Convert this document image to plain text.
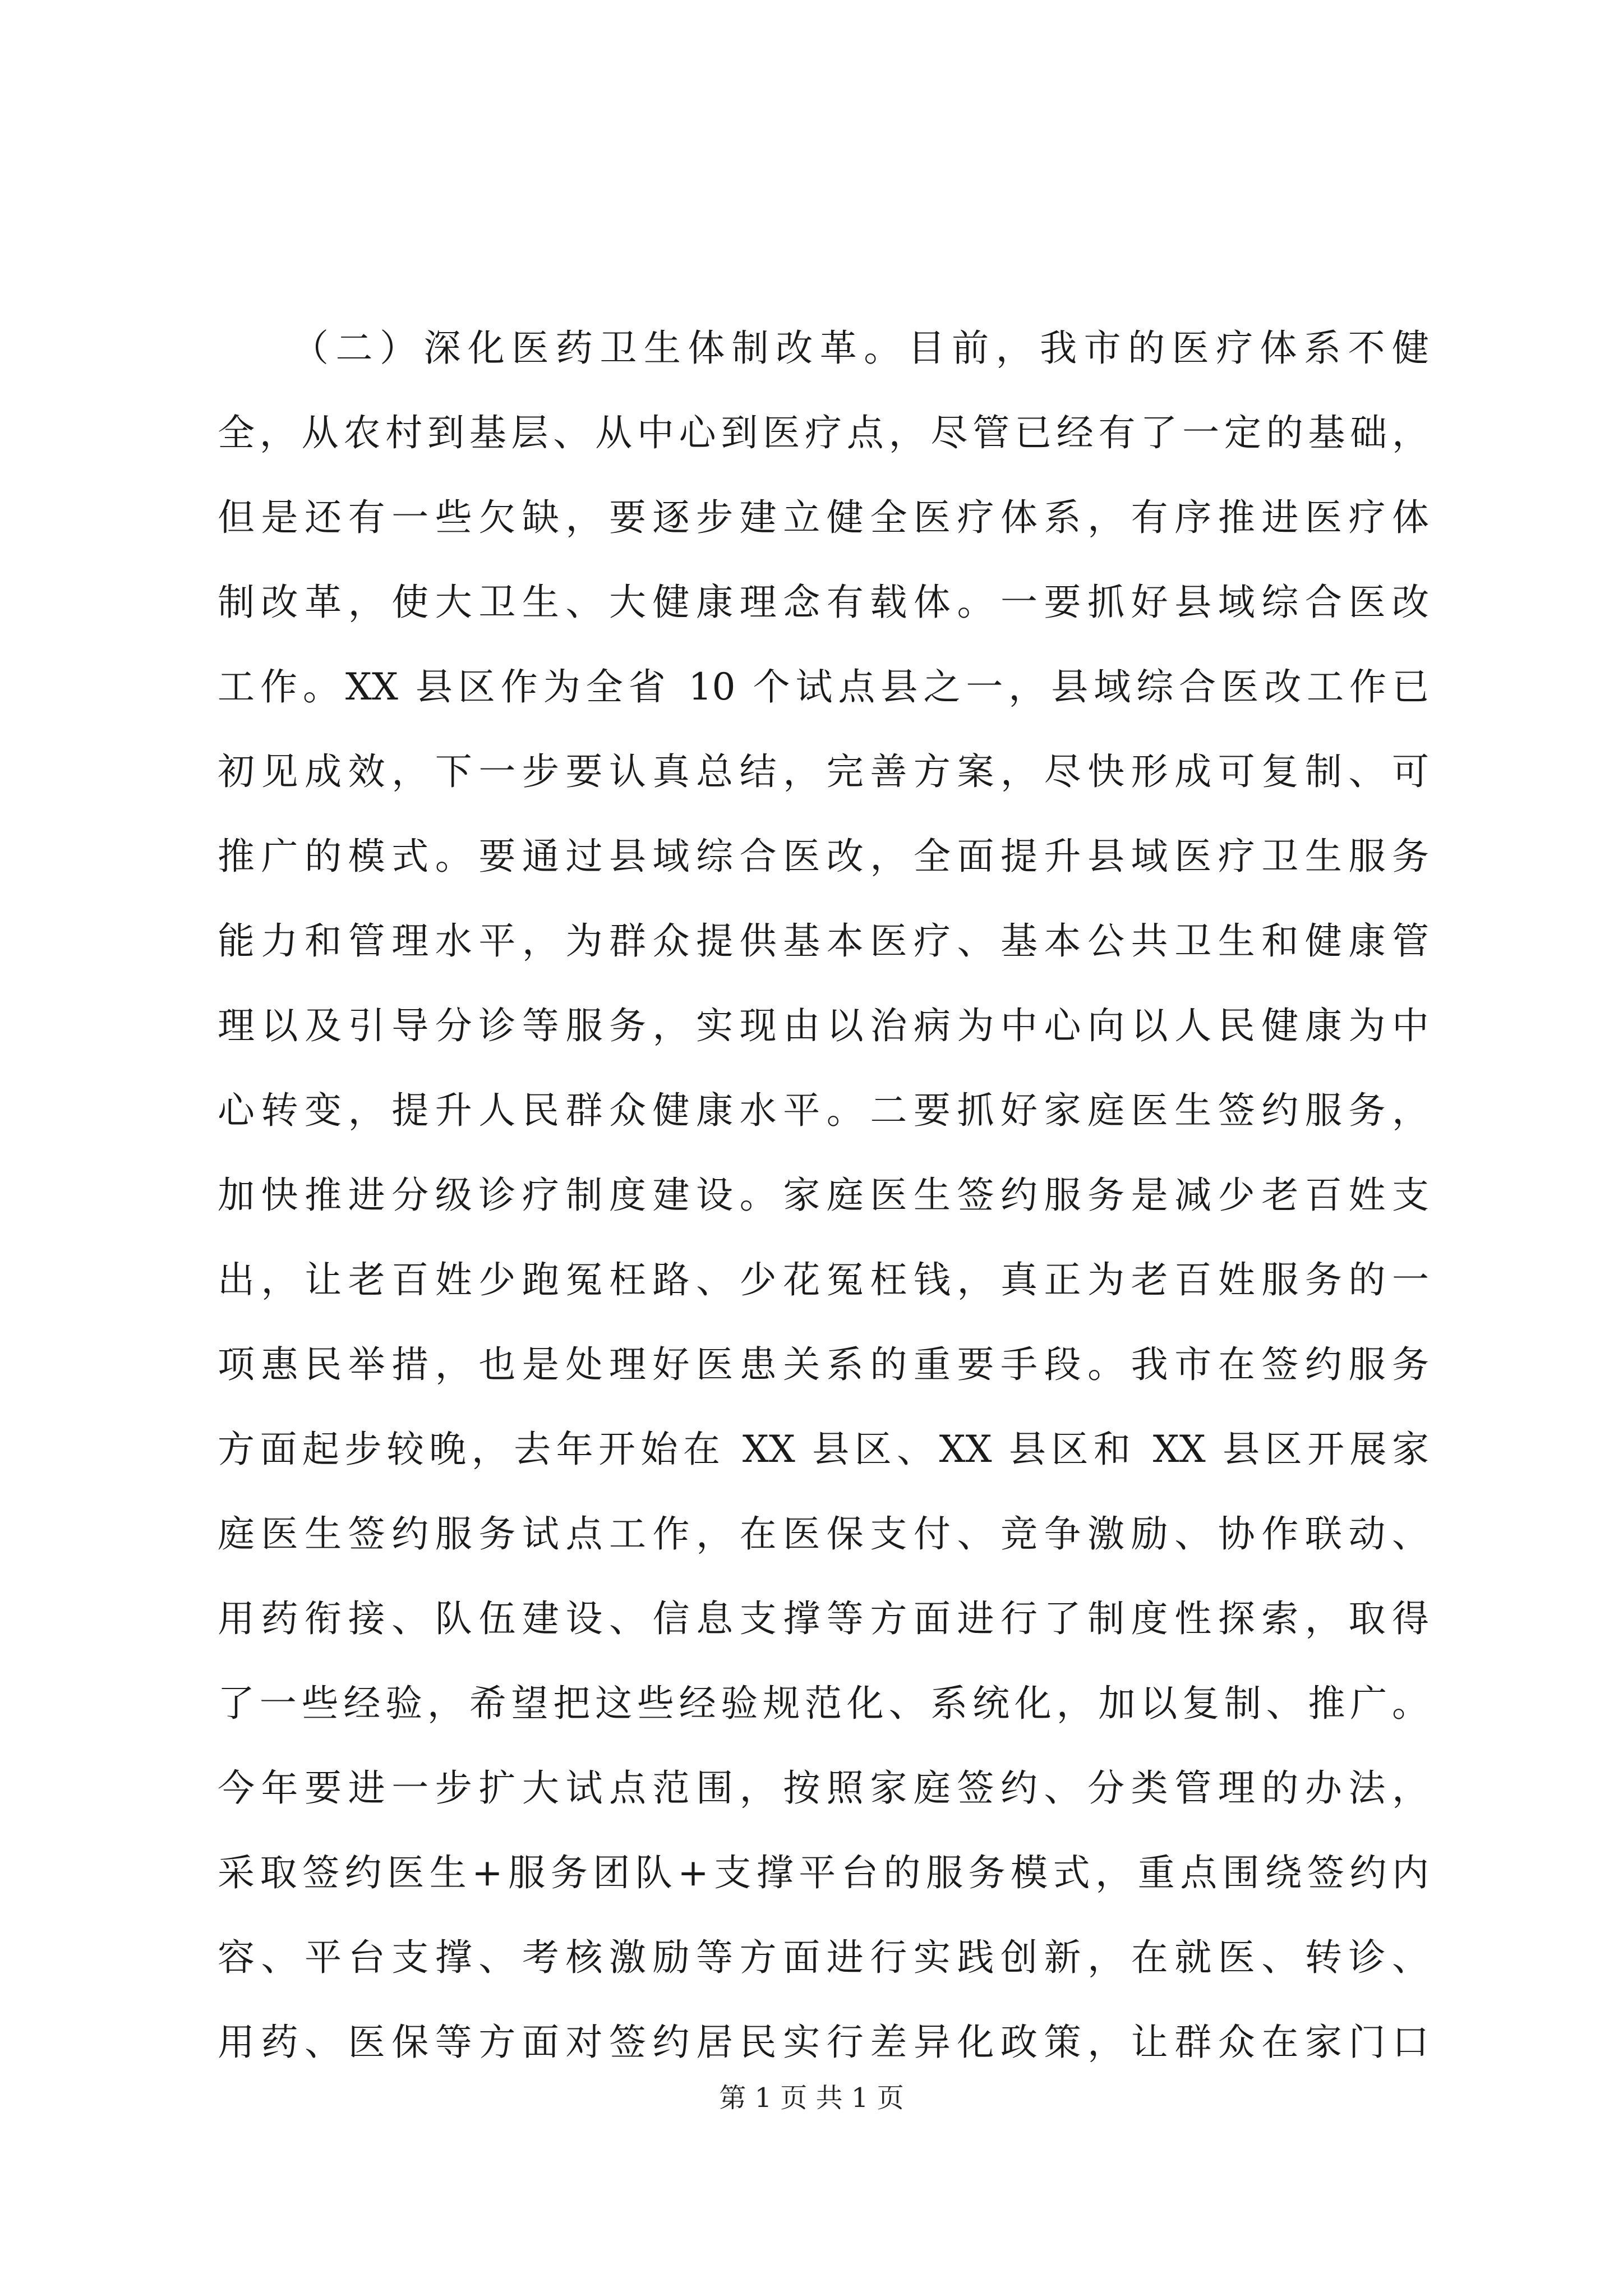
（二）深化医药卫生体制改革。目前，我市的医疗体系不健
全，从农村到基层、从中心到医疗点，尽管已经有了一定的基础，
但是还有一些欠缺，要逐步建立健全医疗体系，有序推进医疗体
制改革，使大卫生、大健康理念有载体。一要抓好县域综合医改
工作。XX 县区作为全省 10 个试点县之一，县域综合医改工作已
初见成效，下一步要认真总结，完善方案，尽快形成可复制、可
推广的模式。要通过县域综合医改，全面提升县域医疗卫生服务
能力和管理水平，为群众提供基本医疗、基本公共卫生和健康管
理以及引导分诊等服务，实现由以治病为中心向以人民健康为中
心转变，提升人民群众健康水平。二要抓好家庭医生签约服务，
加快推进分级诊疗制度建设。家庭医生签约服务是减少老百姓支
出，让老百姓少跑冤枉路、少花冤枉钱，真正为老百姓服务的一
项惠民举措，也是处理好医患关系的重要手段。我市在签约服务
方面起步较晚，去年开始在 XX 县区、XX 县区和 XX 县区开展家
庭医生签约服务试点工作，在医保支付、竞争激励、协作联动、
用药衔接、队伍建设、信息支撑等方面进行了制度性探索，取得
了一些经验，希望把这些经验规范化、系统化，加以复制、推广。
今年要进一步扩大试点范围，按照家庭签约、分类管理的办法，
采取签约医生+服务团队+支撑平台的服务模式，重点围绕签约内
容、平台支撑、考核激励等方面进行实践创新，在就医、转诊、
用药、医保等方面对签约居民实行差异化政策，让群众在家门口
第 1 页 共 1 页
